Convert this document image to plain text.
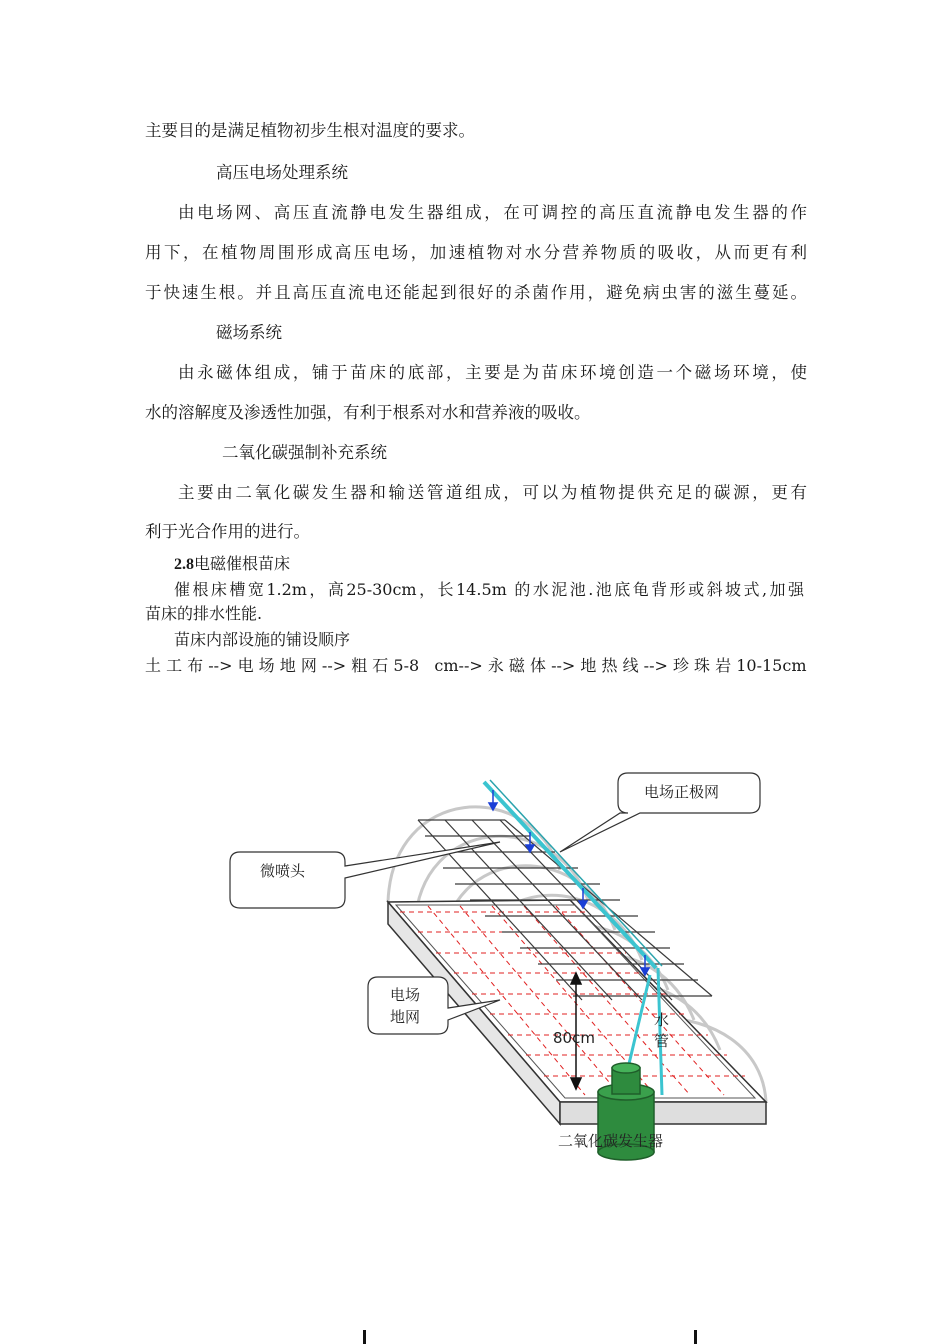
主要目的是满足植物初步生根对温度的要求。
高压电场处理系统
由电场网、高压直流静电发生器组成，在可调控的高压直流静电发生器的作
用下，在植物周围形成高压电场，加速植物对水分营养物质的吸收，从而更有利
于快速生根。并且高压直流电还能起到很好的杀菌作用，避免病虫害的滋生蔓延。
磁场系统
由永磁体组成，铺于苗床的底部，主要是为苗床环境创造一个磁场环境，使
水的溶解度及渗透性加强，有利于根系对水和营养液的吸收。
二氧化碳强制补充系统
主要由二氧化碳发生器和输送管道组成，可以为植物提供充足的碳源，更有
利于光合作用的进行。
2.8电磁催根苗床
催根床槽宽1.2m，高25-30cm，长14.5m 的水泥池.池底龟背形或斜坡式,加强
苗床的排水性能.
苗床内部设施的铺设顺序
土 工 布 --> 电 场 地 网 --> 粗 石 5-8   cm--> 永 磁 体 --> 地 热 线 --> 珍 珠 岩 10-15cm
80cm
水
管
二氧化碳发生器
电场正极网
微喷头
电场
地网
